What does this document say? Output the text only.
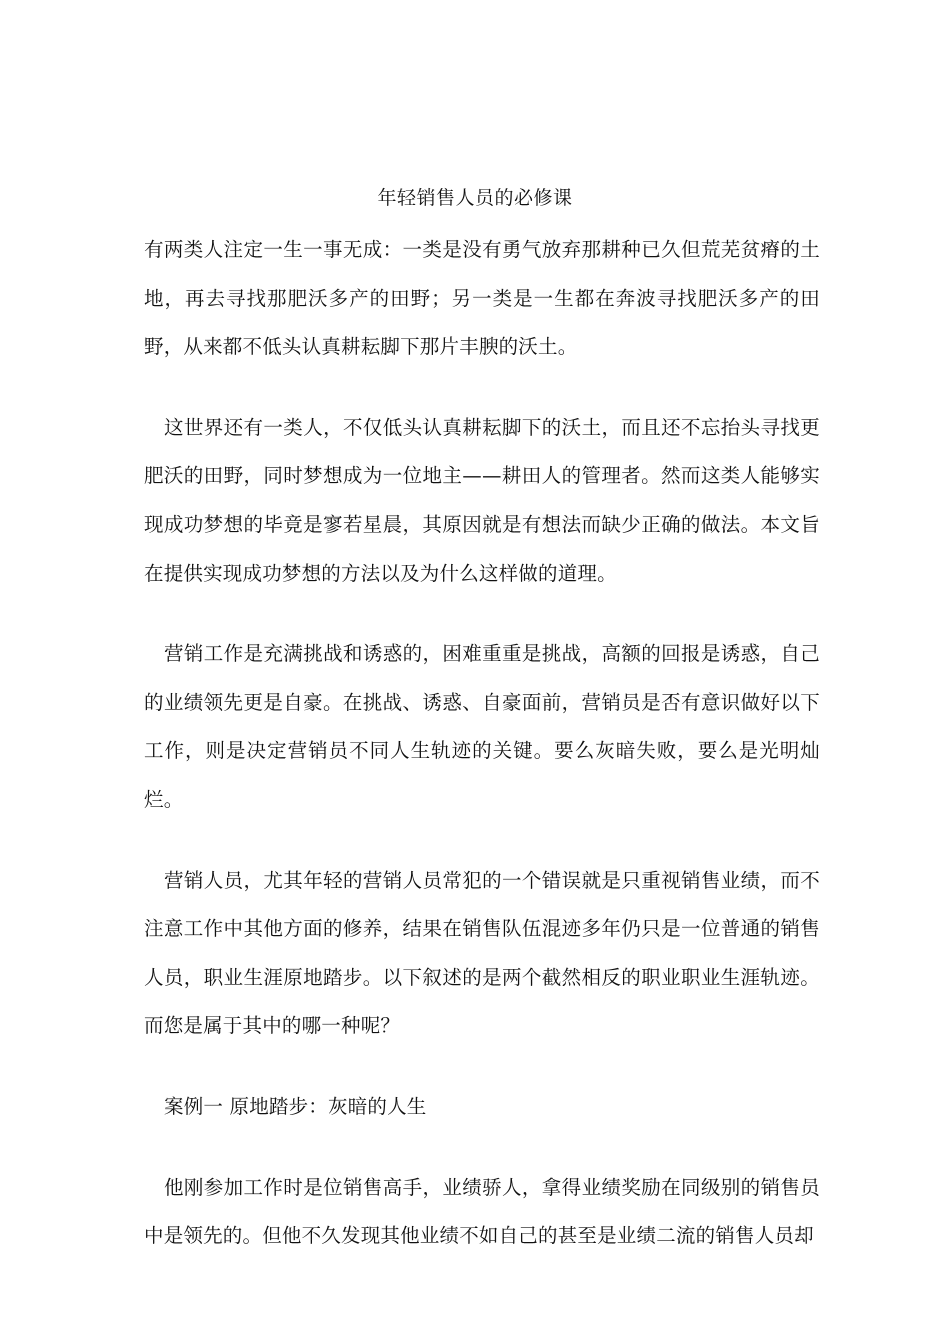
年轻销售人员的必修课

有两类人注定一生一事无成：一类是没有勇气放弃那耕种已久但荒芜贫瘠的土地，再去寻找那肥沃多产的田野；另一类是一生都在奔波寻找肥沃多产的田野，从来都不低头认真耕耘脚下那片丰腴的沃土。

这世界还有一类人，不仅低头认真耕耘脚下的沃土，而且还不忘抬头寻找更肥沃的田野，同时梦想成为一位地主——耕田人的管理者。然而这类人能够实现成功梦想的毕竟是寥若星晨，其原因就是有想法而缺少正确的做法。本文旨在提供实现成功梦想的方法以及为什么这样做的道理。

营销工作是充满挑战和诱惑的，困难重重是挑战，高额的回报是诱惑，自己的业绩领先更是自豪。在挑战、诱惑、自豪面前，营销员是否有意识做好以下工作，则是决定营销员不同人生轨迹的关键。要么灰暗失败，要么是光明灿烂。

营销人员，尤其年轻的营销人员常犯的一个错误就是只重视销售业绩，而不注意工作中其他方面的修养，结果在销售队伍混迹多年仍只是一位普通的销售人员，职业生涯原地踏步。以下叙述的是两个截然相反的职业职业生涯轨迹。而您是属于其中的哪一种呢？

案例一 原地踏步：灰暗的人生

他刚参加工作时是位销售高手，业绩骄人，拿得业绩奖励在同级别的销售员中是领先的。但他不久发现其他业绩不如自己的甚至是业绩二流的销售人员却
